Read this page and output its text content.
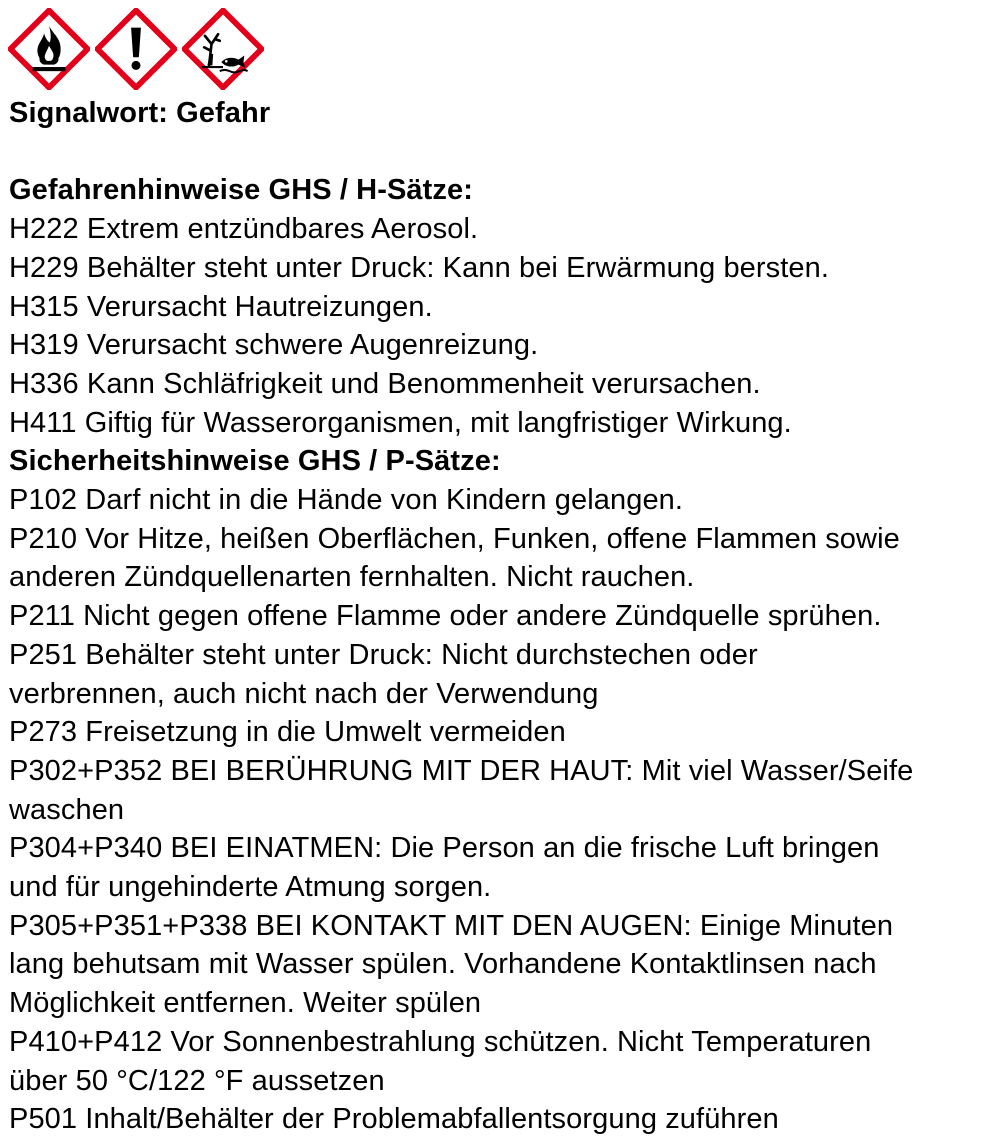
Signalwort: Gefahr
Gefahrenhinweise GHS / H-Sätze:
H222 Extrem entzündbares Aerosol.
H229 Behälter steht unter Druck: Kann bei Erwärmung bersten.
H315 Verursacht Hautreizungen.
H319 Verursacht schwere Augenreizung.
H336 Kann Schläfrigkeit und Benommenheit verursachen.
H411 Giftig für Wasserorganismen, mit langfristiger Wirkung.
Sicherheitshinweise GHS / P-Sätze:
P102 Darf nicht in die Hände von Kindern gelangen.
P210 Vor Hitze, heißen Oberflächen, Funken, offene Flammen sowie
anderen Zündquellenarten fernhalten. Nicht rauchen.
P211 Nicht gegen offene Flamme oder andere Zündquelle sprühen.
P251 Behälter steht unter Druck: Nicht durchstechen oder
verbrennen, auch nicht nach der Verwendung
P273 Freisetzung in die Umwelt vermeiden
P302+P352 BEI BERÜHRUNG MIT DER HAUT: Mit viel Wasser/Seife
waschen
P304+P340 BEI EINATMEN: Die Person an die frische Luft bringen
und für ungehinderte Atmung sorgen.
P305+P351+P338 BEI KONTAKT MIT DEN AUGEN: Einige Minuten
lang behutsam mit Wasser spülen. Vorhandene Kontaktlinsen nach
Möglichkeit entfernen. Weiter spülen
P410+P412 Vor Sonnenbestrahlung schützen. Nicht Temperaturen
über 50 °C/122 °F aussetzen
P501 Inhalt/Behälter der Problemabfallentsorgung zuführen
